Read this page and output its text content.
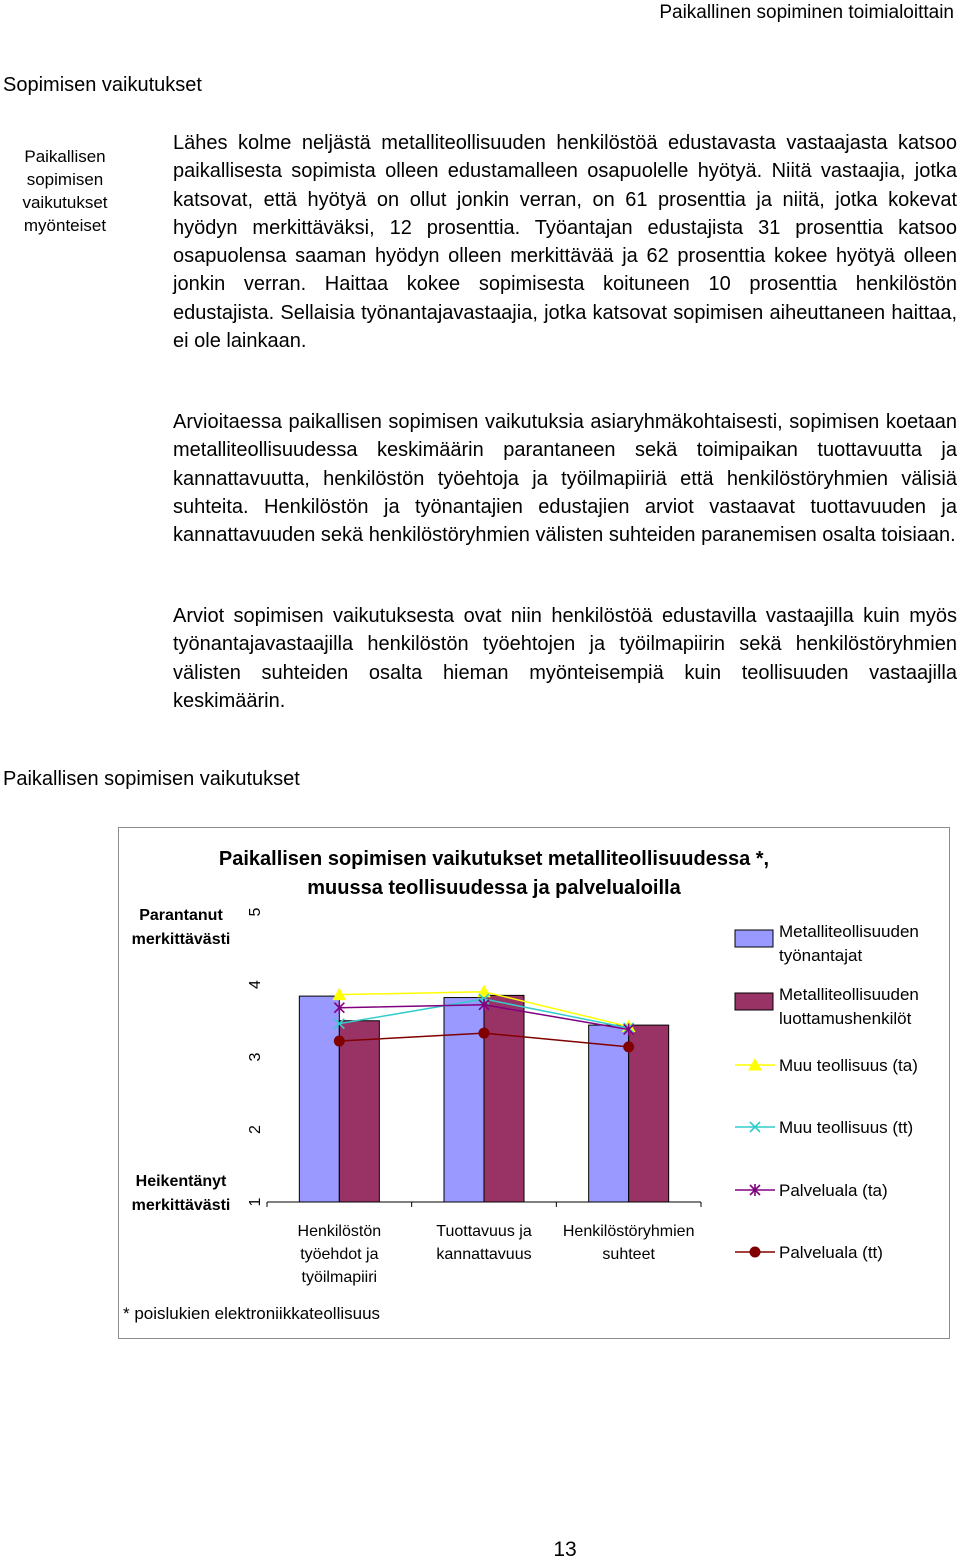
Paikallinen sopiminen toimialoittain
Sopimisen vaikutukset
Paikallisen sopimisen vaikutukset myönteiset
Lähes kolme neljästä metalliteollisuuden henkilöstöä edustavasta vastaajasta katsoo paikallisesta sopimista olleen edustamalleen osapuolelle hyötyä. Niitä vastaajia, jotka katsovat, että hyötyä on ollut jonkin verran, on 61 prosenttia ja niitä, jotka kokevat hyödyn merkittäväksi, 12 prosenttia. Työantajan edustajista 31 prosenttia katsoo osapuolensa saaman hyödyn olleen merkittävää ja 62 prosenttia kokee hyötyä olleen jonkin verran. Haittaa kokee sopimisesta koituneen 10 prosenttia henkilöstön edustajista. Sellaisia työnantajavastaajia, jotka katsovat sopimisen aiheuttaneen haittaa, ei ole lainkaan.
Arvioitaessa paikallisen sopimisen vaikutuksia asiaryhmäkohtaisesti, sopimisen koetaan metalliteollisuudessa keskimäärin parantaneen sekä toimipaikan tuottavuutta ja kannattavuutta, henkilöstön työehtoja ja työilmapiiriä että henkilöstöryhmien välisiä suhteita. Henkilöstön ja työnantajien edustajien arviot vastaavat tuottavuuden ja kannattavuuden sekä henkilöstöryhmien välisten suhteiden paranemisen osalta toisiaan.
Arviot sopimisen vaikutuksesta ovat niin henkilöstöä edustavilla vastaajilla kuin myös työnantajavastaajilla henkilöstön työehtojen ja työilmapiirin sekä henkilöstöryhmien välisten suhteiden osalta hieman myönteisempiä kuin teollisuuden vastaajilla keskimäärin.
Paikallisen sopimisen vaikutukset
Paikallisen sopimisen vaikutukset metalliteollisuudessa *,
muussa teollisuudessa ja palvelualoilla
Parantanut
merkittävästi
Heikentänyt
merkittävästi 1
2
3
4
5
Henkilöstön
työehdot ja
työilmapiiri
Tuottavuus ja
kannattavuus
Henkilöstöryhmien
suhteet
Metalliteollisuuden
työnantajat
Metalliteollisuuden
luottamushenkilöt
Muu teollisuus (ta)
Muu teollisuus (tt)
Palveluala (ta)
Palveluala (tt)
* poislukien elektroniikkateollisuus
13
